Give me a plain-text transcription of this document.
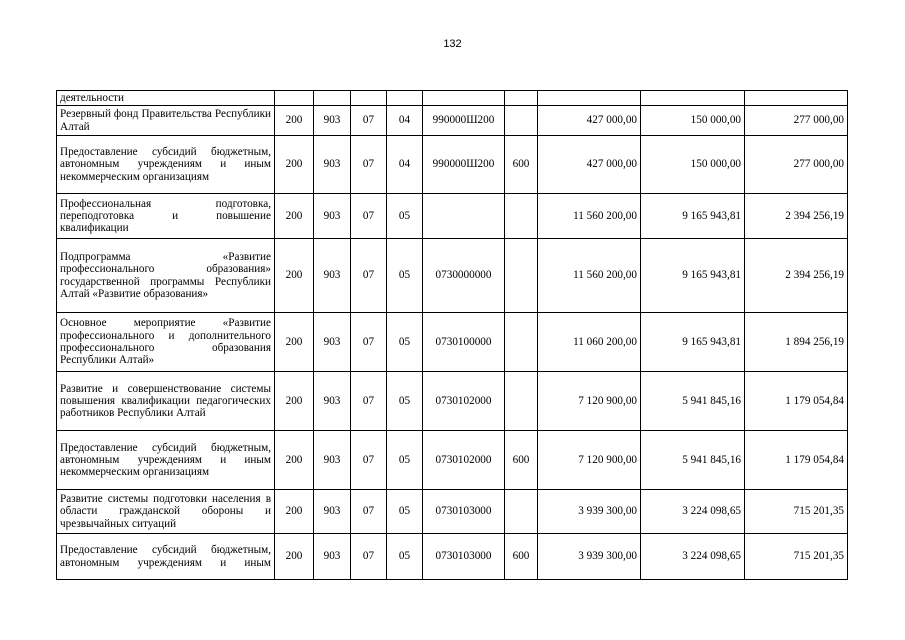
132
деятельности									
Резервный фонд Правительства Республики Алтай	200	903	07	04	990000Ш200		427 000,00	150 000,00	277 000,00
Предоставление субсидий бюджетным, автономным учреждениям и иным некоммерческим организациям	200	903	07	04	990000Ш200	600	427 000,00	150 000,00	277 000,00
Профессиональная подготовка, переподготовка и повышение квалификации	200	903	07	05			11 560 200,00	9 165 943,81	2 394 256,19
Подпрограмма «Развитие профессионального образования» государственной программы Республики Алтай «Развитие образования»	200	903	07	05	0730000000		11 560 200,00	9 165 943,81	2 394 256,19
Основное мероприятие «Развитие профессионального и дополнительного профессионального образования Республики Алтай»	200	903	07	05	0730100000		11 060 200,00	9 165 943,81	1 894 256,19
Развитие и совершенствование системы повышения квалификации педагогических работников Республики Алтай	200	903	07	05	0730102000		7 120 900,00	5 941 845,16	1 179 054,84
Предоставление субсидий бюджетным, автономным учреждениям и иным некоммерческим организациям	200	903	07	05	0730102000	600	7 120 900,00	5 941 845,16	1 179 054,84
Развитие системы подготовки населения в области гражданской обороны и чрезвычайных ситуаций	200	903	07	05	0730103000		3 939 300,00	3 224 098,65	715 201,35
Предоставление субсидий бюджетным, автономным учреждениям и иным	200	903	07	05	0730103000	600	3 939 300,00	3 224 098,65	715 201,35
